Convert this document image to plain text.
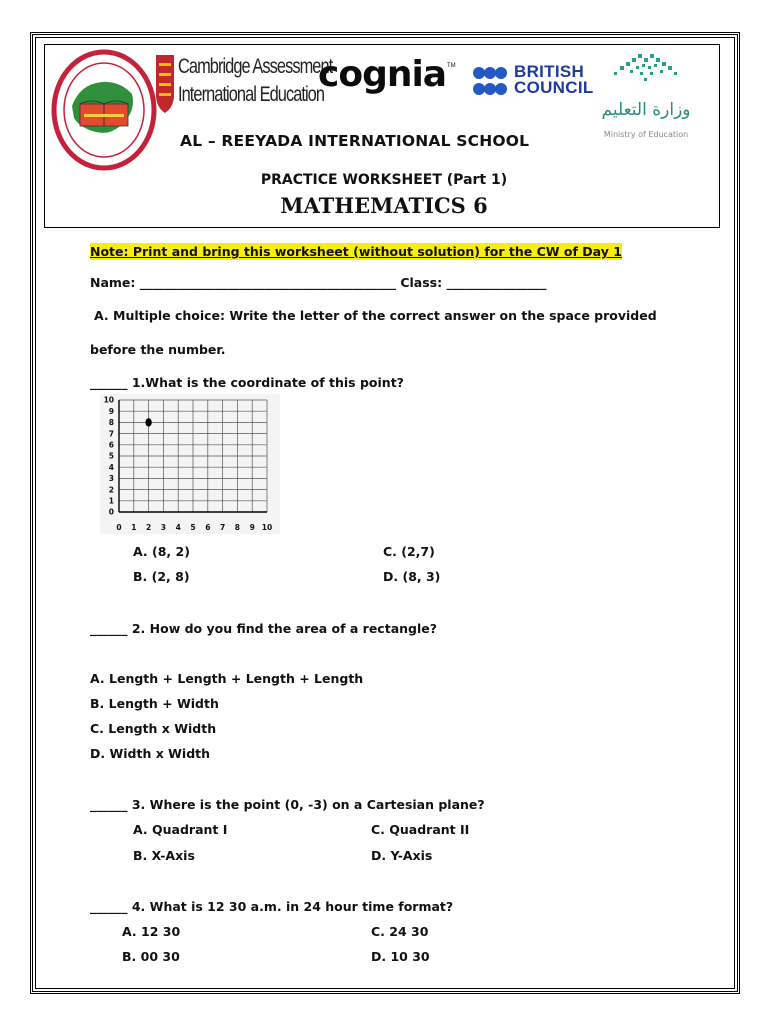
Cambridge Assessment
International Education
cognia TM	BRITISH
COUNCIL
وزارة التعليم
Ministry of Education
AL – REEYADA INTERNATIONAL SCHOOL
PRACTICE WORKSHEET (Part 1)
MATHEMATICS 6
Note: Print and bring this worksheet (without solution) for the CW of Day 1
Name: _________________________________________ Class: ________________
A. Multiple choice: Write the letter of the correct answer on the space provided
before the number.
______ 1.What is the coordinate of this point?
0 1 2 3 4 5 6 7 8 9 10
0
1
2
3
4
5
6
7
8
9
10
A. (8, 2)	C. (2,7)
B. (2, 8)	D. (8, 3)
______ 2. How do you find the area of a rectangle?
A. Length + Length + Length + Length
B. Length + Width
C. Length x Width
D. Width x Width
______ 3. Where is the point (0, -3) on a Cartesian plane?
A. Quadrant I	C. Quadrant II
B. X-Axis	D. Y-Axis
______ 4. What is 12 30 a.m. in 24 hour time format?
A. 12 30	C. 24 30
B. 00 30	D. 10 30
